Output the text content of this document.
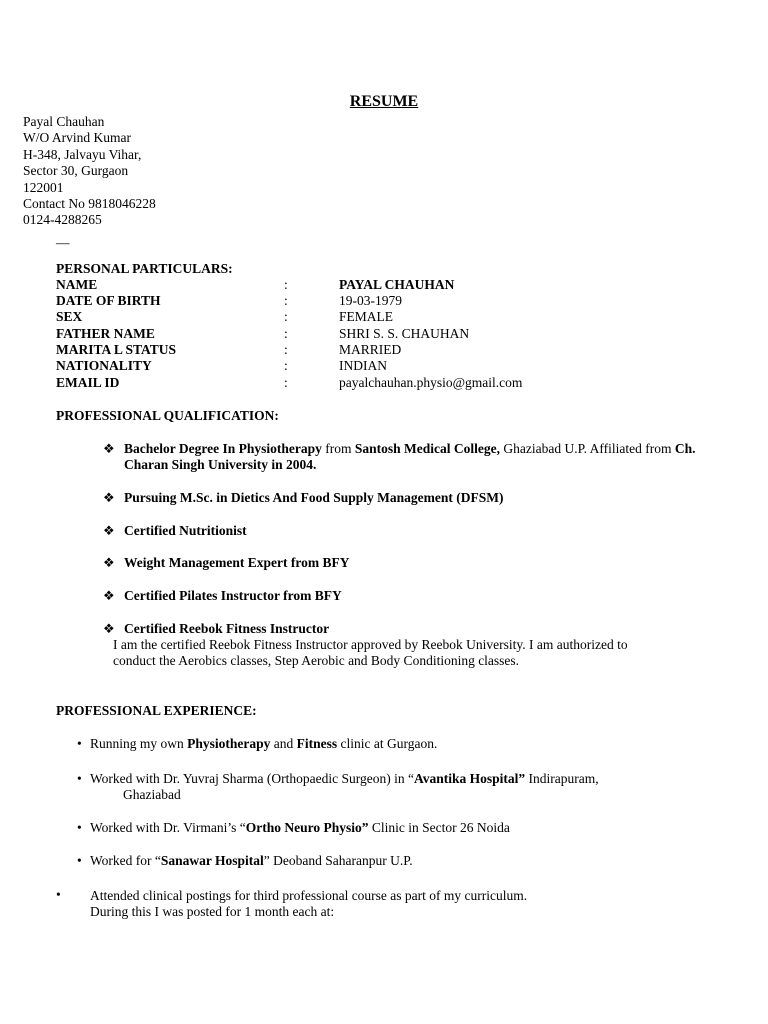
RESUME
Payal Chauhan
W/O Arvind Kumar
H-348, Jalvayu Vihar,
Sector 30, Gurgaon
122001
Contact No 9818046228
0124-4288265
—
PERSONAL PARTICULARS:
NAME	:	PAYAL CHAUHAN
DATE OF BIRTH	:	19-03-1979
SEX	:	FEMALE
FATHER NAME	:	SHRI S. S. CHAUHAN
MARITA L STATUS	:	MARRIED
NATIONALITY	:	INDIAN
EMAIL ID	:	payalchauhan.physio@gmail.com
PROFESSIONAL QUALIFICATION:
❖ Bachelor Degree In Physiotherapy from Santosh Medical College, Ghaziabad U.P. Affiliated from Ch.
Charan Singh University in 2004.
❖ Pursuing M.Sc. in Dietics And Food Supply Management (DFSM)
❖ Certified Nutritionist
❖ Weight Management Expert from BFY
❖ Certified Pilates Instructor from BFY
❖ Certified Reebok Fitness Instructor
I am the certified Reebok Fitness Instructor approved by Reebok University. I am authorized to
conduct the Aerobics classes, Step Aerobic and Body Conditioning classes.
PROFESSIONAL EXPERIENCE:
• Running my own Physiotherapy and Fitness clinic at Gurgaon.
• Worked with Dr. Yuvraj Sharma (Orthopaedic Surgeon) in “Avantika Hospital” Indirapuram,
Ghaziabad
• Worked with Dr. Virmani’s “Ortho Neuro Physio” Clinic in Sector 26 Noida
• Worked for “Sanawar Hospital” Deoband Saharanpur U.P.
• Attended clinical postings for third professional course as part of my curriculum.
During this I was posted for 1 month each at:
